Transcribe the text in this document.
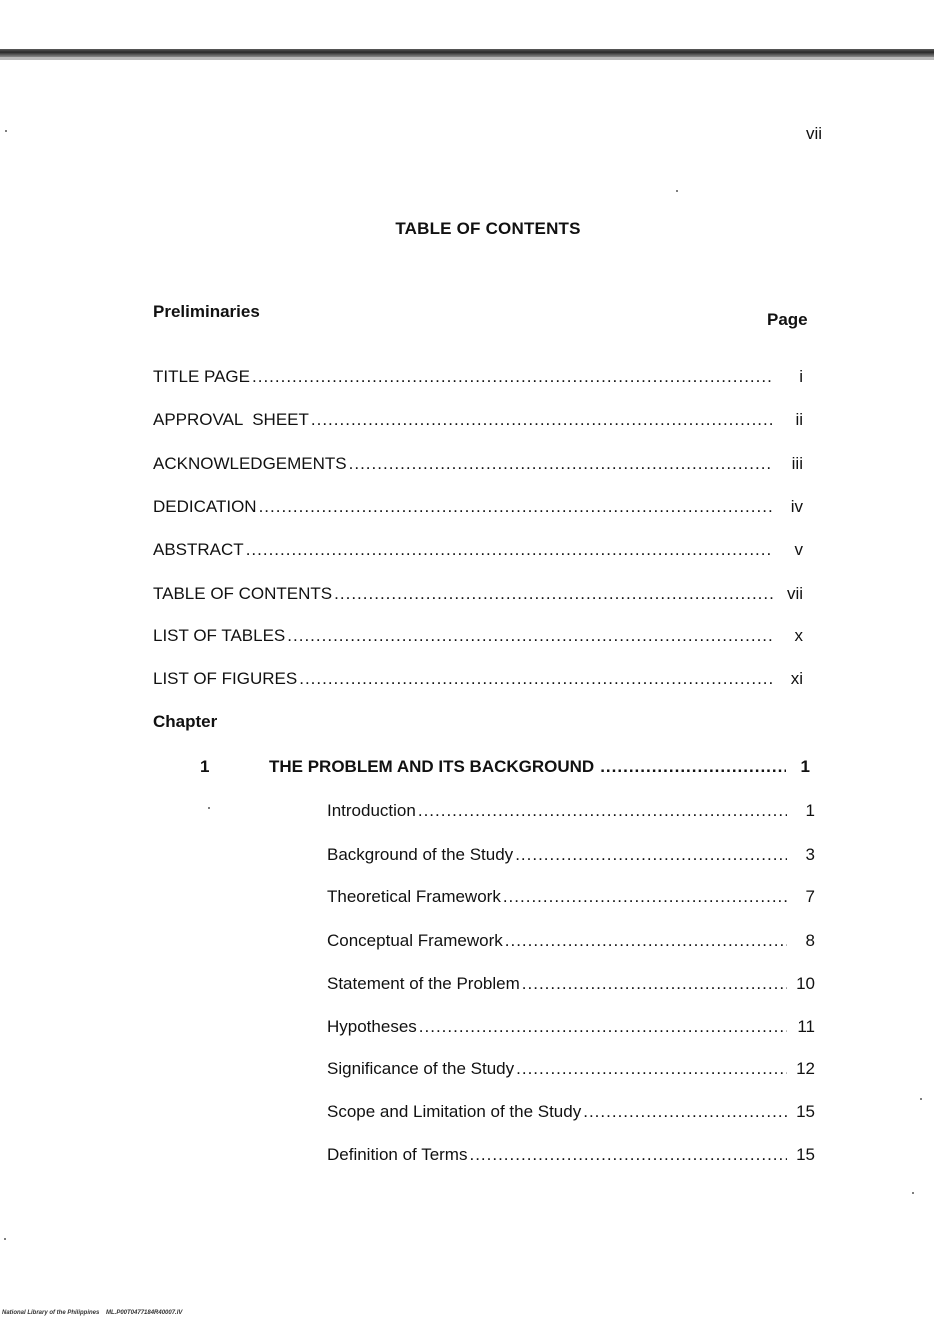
vii
TABLE OF CONTENTS
Preliminaries	Page
TITLE PAGE .....	i
APPROVAL  SHEET .....	ii
ACKNOWLEDGEMENTS .....	iii
DEDICATION .....	iv
ABSTRACT .....	v
TABLE OF CONTENTS .....	vii
LIST OF TABLES .....	x
LIST OF FIGURES .....	xi
Chapter
1	THE PROBLEM AND ITS BACKGROUND .....	1
Introduction .....	1
Background of the Study .....	3
Theoretical Framework .....	7
Conceptual Framework .....	8
Statement of the Problem .....	10
Hypotheses .....	11
Significance of the Study .....	12
Scope and Limitation of the Study .....	15
Definition of Terms .....	15
National Library of the Philippines    ML.P00T0477184R40007.IV
